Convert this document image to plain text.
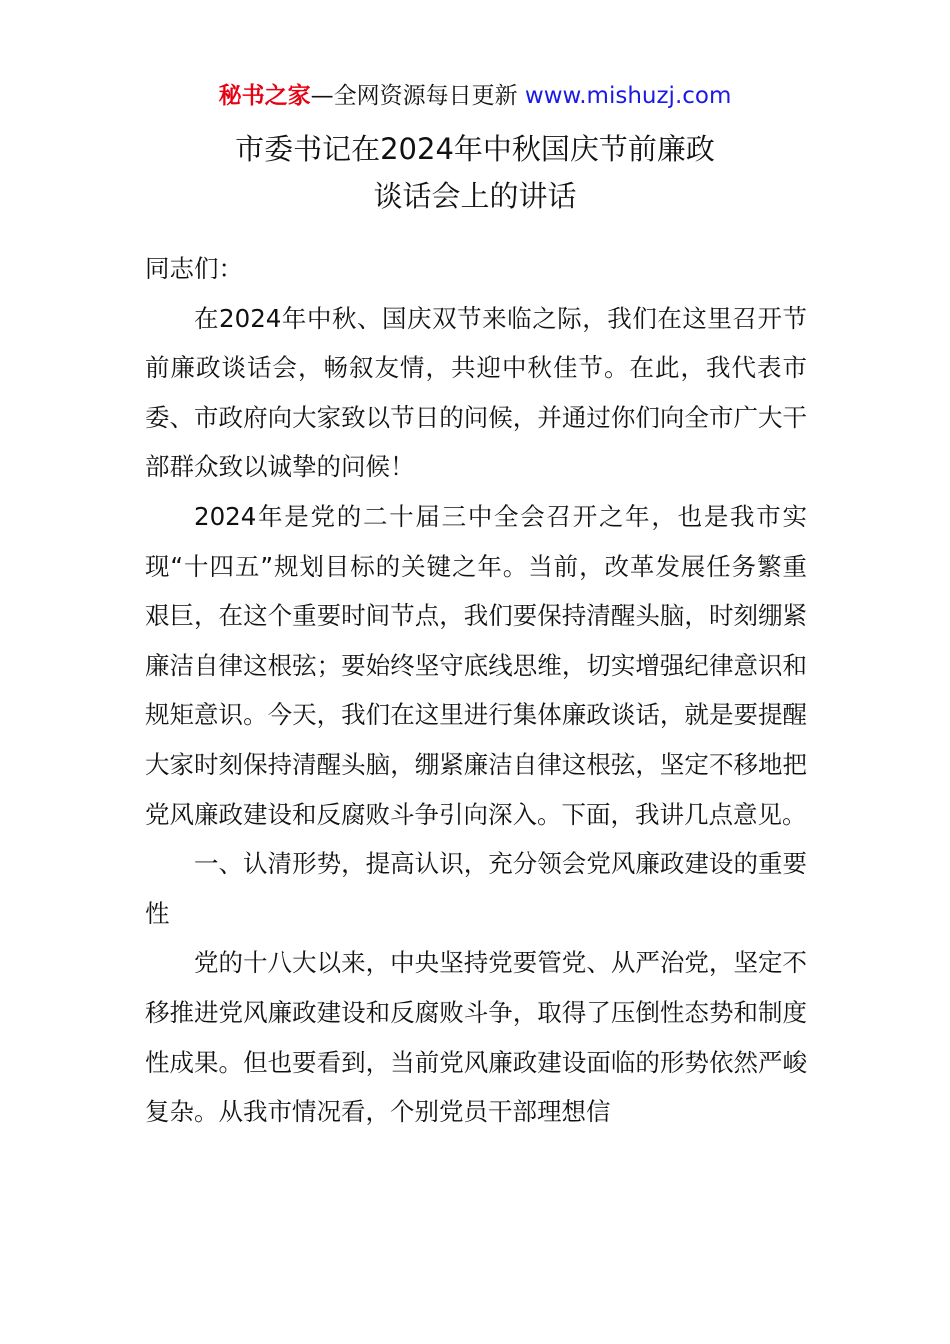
秘书之家—全网资源每日更新 www.mishuzj.com
市委书记在2024年中秋国庆节前廉政
谈话会上的讲话

同志们：

在2024年中秋、国庆双节来临之际，我们在这里召开节前廉政谈话会，畅叙友情，共迎中秋佳节。在此，我代表市委、市政府向大家致以节日的问候，并通过你们向全市广大干部群众致以诚挚的问候！

2024年是党的二十届三中全会召开之年，也是我市实现“十四五”规划目标的关键之年。当前，改革发展任务繁重艰巨，在这个重要时间节点，我们要保持清醒头脑，时刻绷紧廉洁自律这根弦；要始终坚守底线思维，切实增强纪律意识和规矩意识。今天，我们在这里进行集体廉政谈话，就是要提醒大家时刻保持清醒头脑，绷紧廉洁自律这根弦，坚定不移地把党风廉政建设和反腐败斗争引向深入。下面，我讲几点意见。

一、认清形势，提高认识，充分领会党风廉政建设的重要性

党的十八大以来，中央坚持党要管党、从严治党，坚定不移推进党风廉政建设和反腐败斗争，取得了压倒性态势和制度性成果。但也要看到，当前党风廉政建设面临的形势依然严峻复杂。从我市情况看，个别党员干部理想信
